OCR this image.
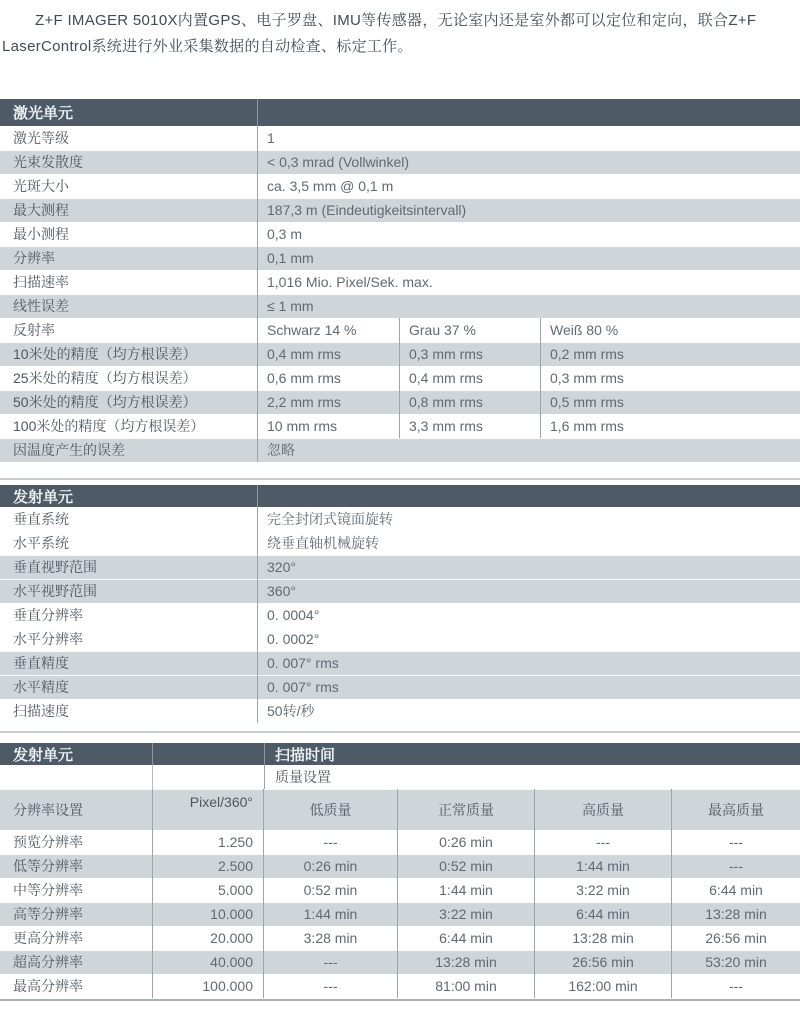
Z+F IMAGER 5010X内置GPS、电子罗盘、IMU等传感器，无论室内还是室外都可以定位和定向，联合Z+F LaserControl系统进行外业采集数据的自动检查、标定工作。

激光单元
激光等级	1
光束发散度	< 0,3 mrad (Vollwinkel)
光斑大小	ca. 3,5 mm @ 0,1 m
最大测程	187,3 m (Eindeutigkeitsintervall)
最小测程	0,3 m
分辨率	0,1 mm
扫描速率	1,016 Mio. Pixel/Sek. max.
线性误差	≤ 1 mm
反射率	Schwarz 14 %	Grau 37 %	Weiß 80 %
10米处的精度（均方根误差）	0,4 mm rms	0,3 mm rms	0,2 mm rms
25米处的精度（均方根误差）	0,6 mm rms	0,4 mm rms	0,3 mm rms
50米处的精度（均方根误差）	2,2 mm rms	0,8 mm rms	0,5 mm rms
100米处的精度（均方根误差）	10 mm rms	3,3 mm rms	1,6 mm rms
因温度产生的误差	忽略
发射单元
垂直系统	完全封闭式镜面旋转
水平系统	绕垂直轴机械旋转
垂直视野范围	320°
水平视野范围	360°
垂直分辨率	0. 0004°
水平分辨率	0. 0002°
垂直精度	0. 007° rms
水平精度	0. 007° rms
扫描速度	50转/秒
发射单元	扫描时间
质量设置
分辨率设置	Pixel/360°	低质量	正常质量	高质量	最高质量
预览分辨率	1.250	---	0:26 min	---	---
低等分辨率	2.500	0:26 min	0:52 min	1:44 min	---
中等分辨率	5.000	0:52 min	1:44 min	3:22 min	6:44 min
高等分辨率	10.000	1:44 min	3:22 min	6:44 min	13:28 min
更高分辨率	20.000	3:28 min	6:44 min	13:28 min	26:56 min
超高分辨率	40.000	---	13:28 min	26:56 min	53:20 min
最高分辨率	100.000	---	81:00 min	162:00 min	---
